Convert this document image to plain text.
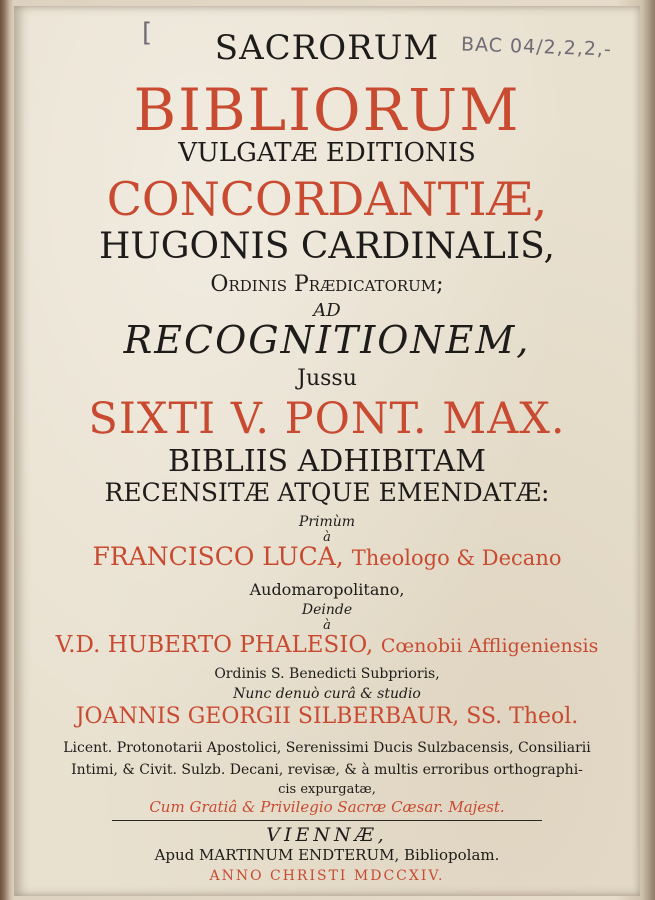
[	BAC 04/2,2,2,-
SACRORUM
BIBLIORUM
VULGATÆ EDITIONIS
CONCORDANTIÆ,
HUGONIS CARDINALIS,
Ordinis Prædicatorum;
AD
RECOGNITIONEM,
Jussu
SIXTI V. PONT. MAX.
BIBLIIS ADHIBITAM
RECENSITÆ ATQUE EMENDATÆ:
Primùm
à
FRANCISCO LUCA, Theologo & Decano
Audomaropolitano,
Deinde
à
V.D. HUBERTO PHALESIO, Cœnobii Affligeniensis
Ordinis S. Benedicti Subprioris,
Nunc denuò curâ & studio
JOANNIS GEORGII SILBERBAUR, SS. Theol.
Licent. Protonotarii Apostolici, Serenissimi Ducis Sulzbacensis, Consiliarii
Intimi, & Civit. Sulzb. Decani, revisæ, & à multis erroribus orthographi-
cis expurgatæ,
Cum Gratiâ & Privilegio Sacræ Cæsar. Majest.
VIENNÆ,
Apud MARTINUM ENDTERUM, Bibliopolam.
ANNO CHRISTI MDCCXIV.
